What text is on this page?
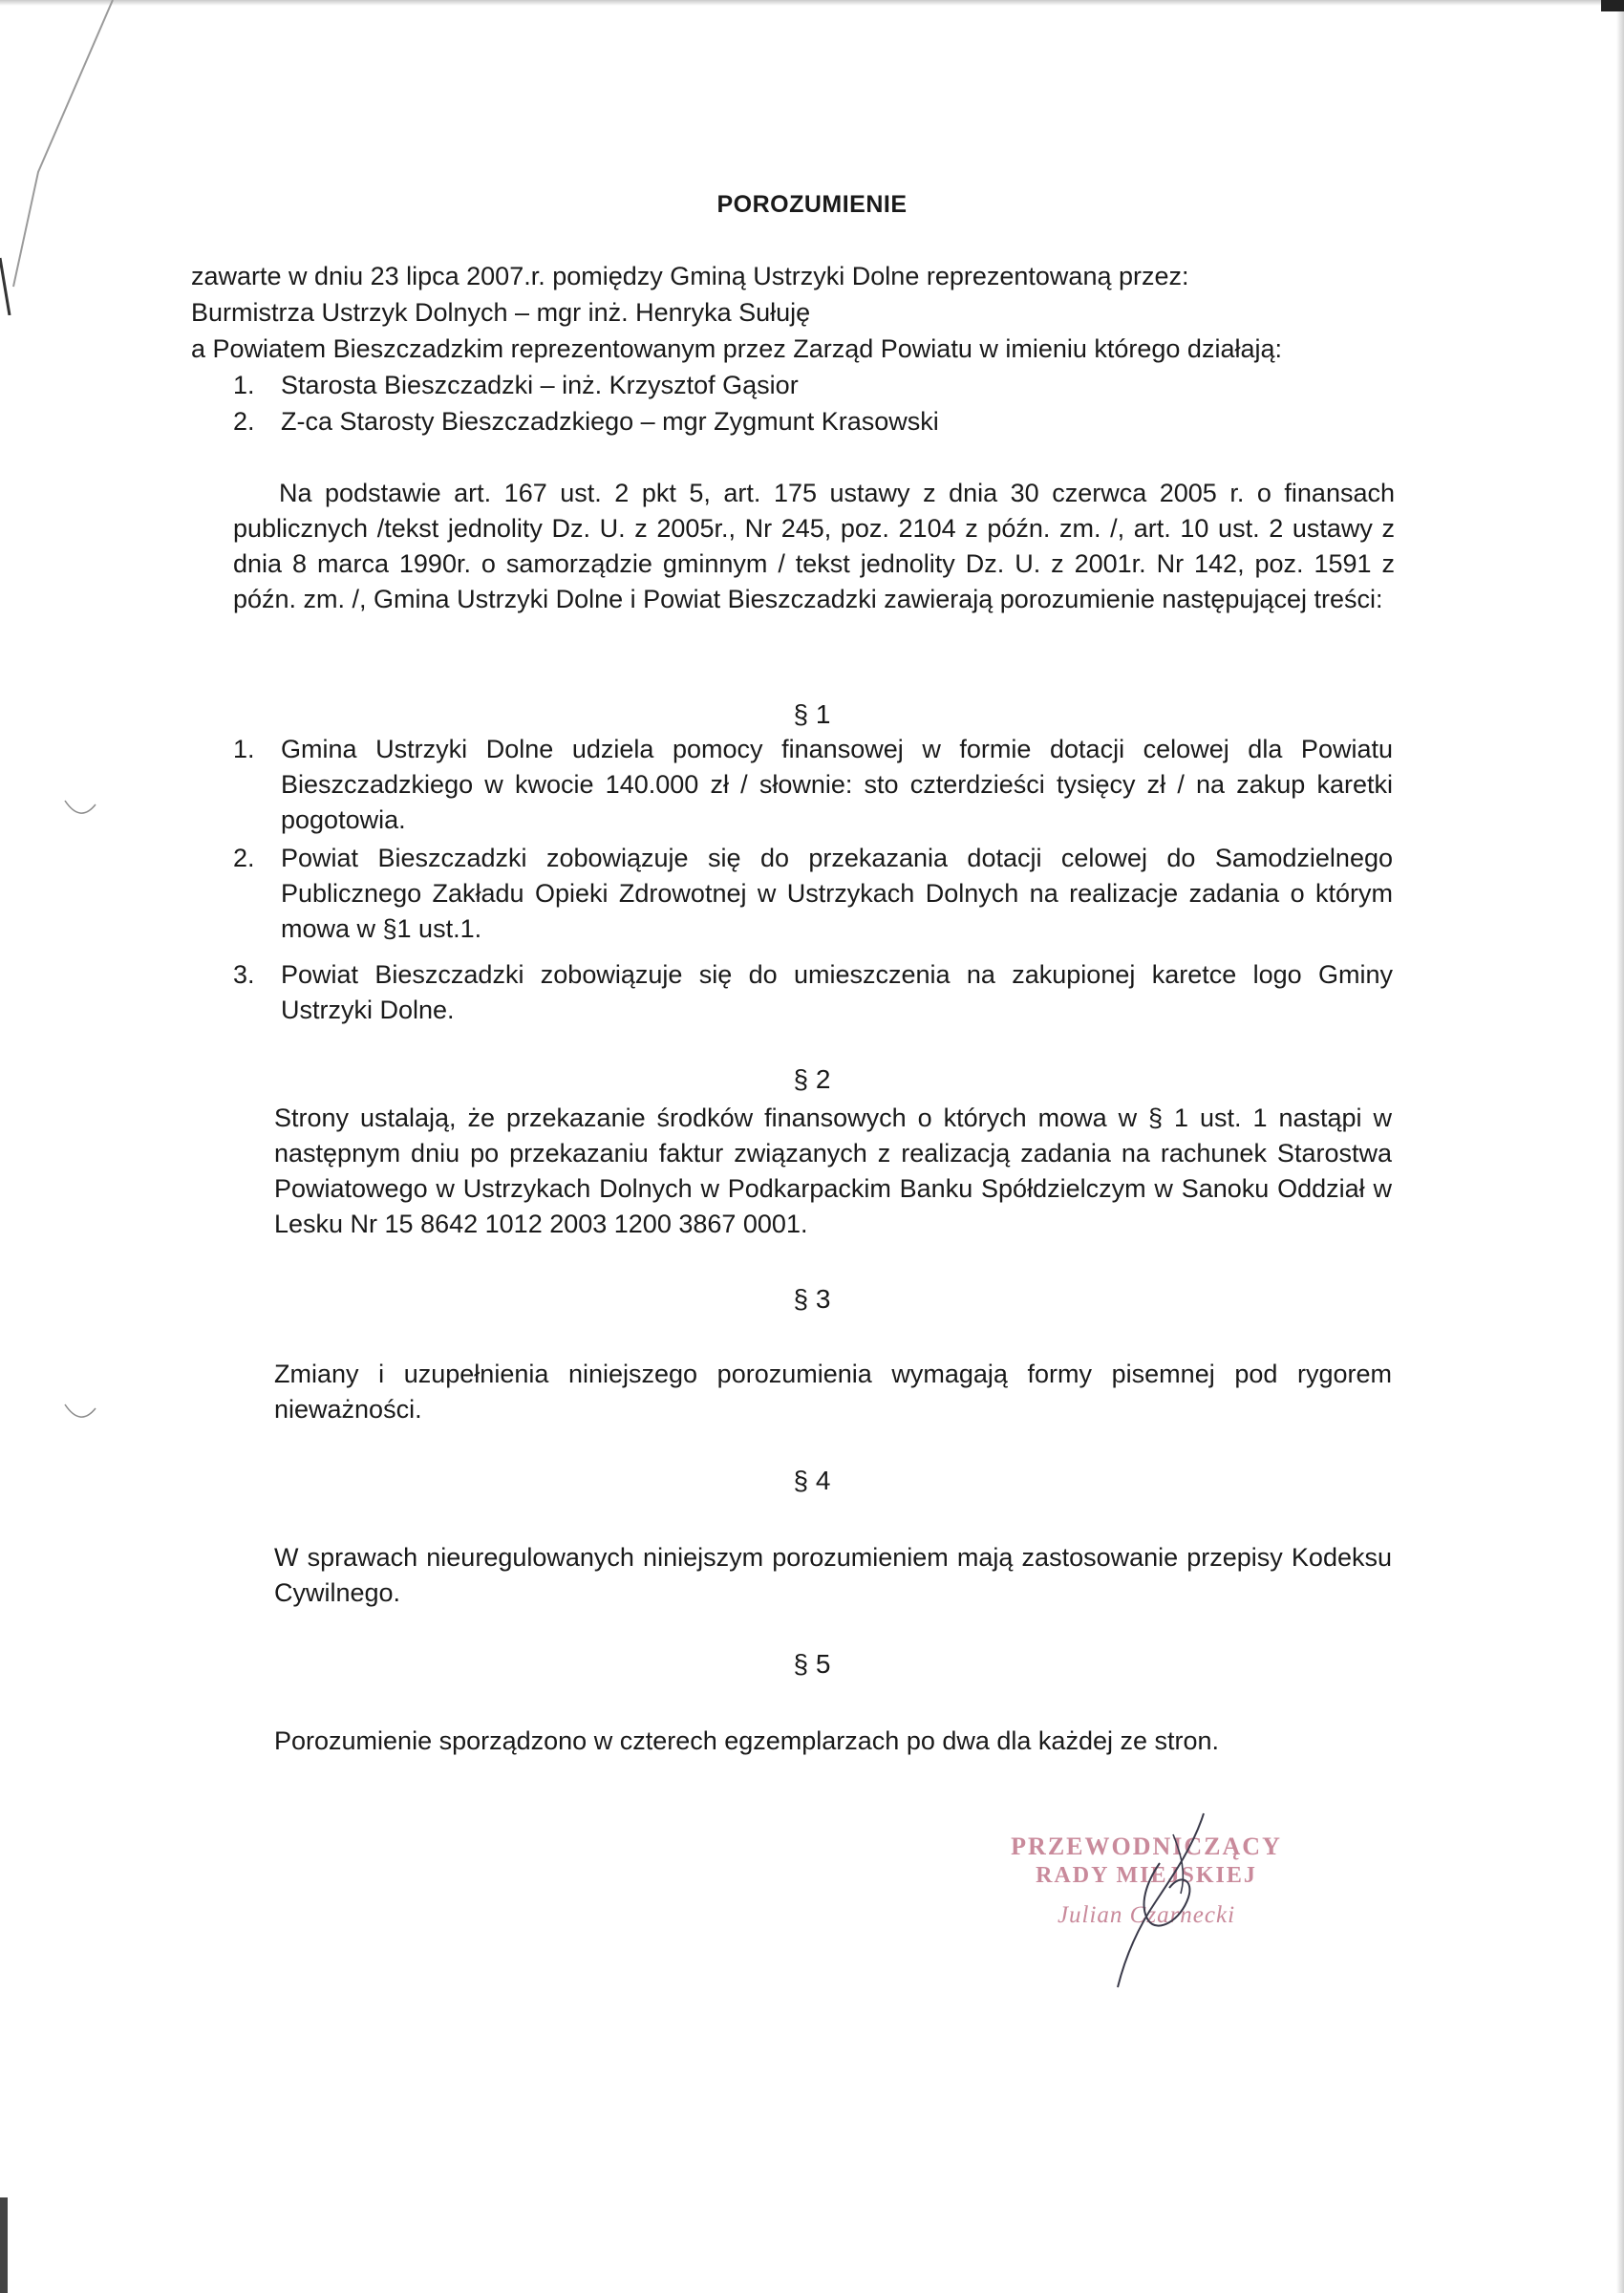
POROZUMIENIE
zawarte w dniu 23 lipca 2007.r. pomiędzy Gminą Ustrzyki Dolne reprezentowaną przez:
Burmistrza Ustrzyk Dolnych – mgr inż. Henryka Sułuję
a Powiatem Bieszczadzkim reprezentowanym przez Zarząd Powiatu w imieniu którego działają:
1. Starosta Bieszczadzki – inż. Krzysztof Gąsior
2. Z-ca Starosty Bieszczadzkiego – mgr Zygmunt Krasowski
Na podstawie art. 167 ust. 2 pkt 5, art. 175 ustawy z dnia 30 czerwca 2005 r. o finansach publicznych /tekst jednolity Dz. U. z 2005r., Nr 245, poz. 2104 z późn. zm. /, art. 10 ust. 2 ustawy z dnia 8 marca 1990r. o samorządzie gminnym / tekst jednolity Dz. U. z 2001r. Nr 142, poz. 1591 z późn. zm. /, Gmina Ustrzyki Dolne i Powiat Bieszczadzki zawierają porozumienie następującej treści:
§ 1
1.	Gmina Ustrzyki Dolne udziela pomocy finansowej w formie dotacji celowej dla Powiatu Bieszczadzkiego w kwocie 140.000 zł / słownie: sto czterdzieści tysięcy zł / na zakup karetki pogotowia.
2.	Powiat Bieszczadzki zobowiązuje się do przekazania dotacji celowej do Samodzielnego Publicznego Zakładu Opieki Zdrowotnej w Ustrzykach Dolnych na realizacje zadania o którym mowa w §1 ust.1.
3.	Powiat Bieszczadzki zobowiązuje się do umieszczenia na zakupionej karetce logo Gminy Ustrzyki Dolne.
§ 2
Strony ustalają, że przekazanie środków finansowych o których mowa w § 1 ust. 1 nastąpi w następnym dniu po przekazaniu faktur związanych z realizacją zadania na rachunek Starostwa Powiatowego w Ustrzykach Dolnych w Podkarpackim Banku Spółdzielczym w Sanoku Oddział w Lesku Nr 15 8642 1012 2003 1200 3867 0001.
§ 3
Zmiany i uzupełnienia niniejszego porozumienia wymagają formy pisemnej pod rygorem nieważności.
§ 4
W sprawach nieuregulowanych niniejszym porozumieniem mają zastosowanie przepisy Kodeksu Cywilnego.
§ 5
Porozumienie sporządzono w czterech egzemplarzach po dwa dla każdej ze stron.
PRZEWODNICZĄCY
RADY MIEJSKIEJ
Julian Czarnecki
